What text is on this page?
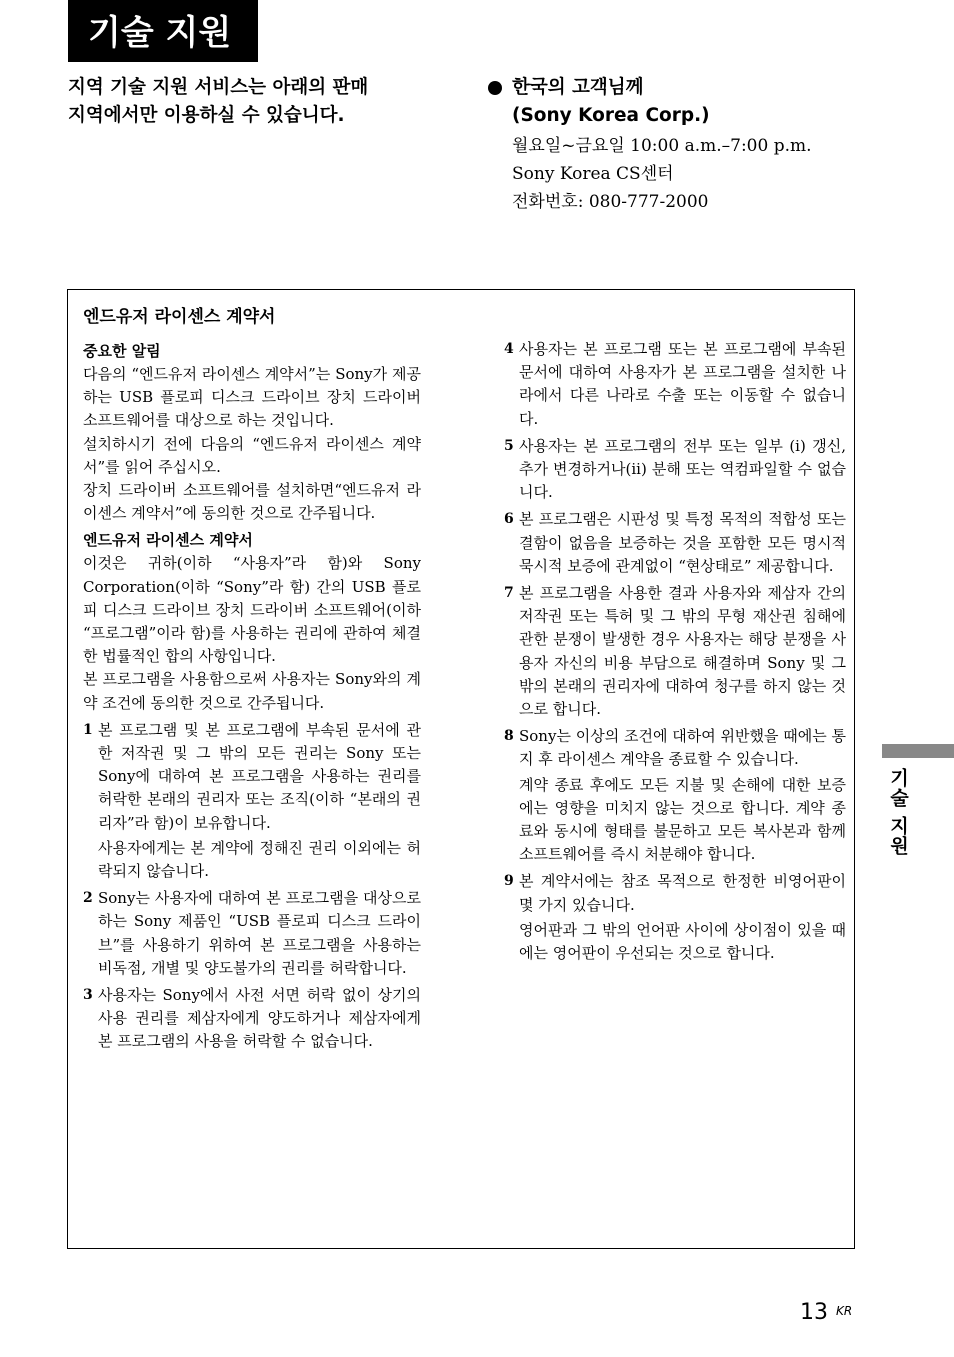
기술 지원
지역 기술 지원 서비스는 아래의 판매
지역에서만 이용하실 수 있습니다.
한국의 고객님께
(Sony Korea Corp.)
월요일~금요일 10:00 a.m.–7:00 p.m.
Sony Korea CS센터
전화번호: 080-777-2000
엔드유저 라이센스 계약서

중요한 알림

다음의 “엔드유저 라이센스 계약서”는 Sony가 제공하는 USB 플로피 디스크 드라이브 장치 드라이버 소프트웨어를 대상으로 하는 것입니다.

설치하시기 전에 다음의 “엔드유저 라이센스 계약서”를 읽어 주십시오.

장치 드라이버 소프트웨어를 설치하면“엔드유저 라이센스 계약서”에 동의한 것으로 간주됩니다.

엔드유저 라이센스 계약서

이것은 귀하(이하 “사용자”라 함)와 Sony Corporation(이하 “Sony”라 함) 간의 USB 플로피 디스크 드라이브 장치 드라이버 소프트웨어(이하 “프로그램”이라 함)를 사용하는 권리에 관하여 체결한 법률적인 합의 사항입니다.

본 프로그램을 사용함으로써 사용자는 Sony와의 계약 조건에 동의한 것으로 간주됩니다.

1 본 프로그램 및 본 프로그램에 부속된 문서에 관한 저작권 및 그 밖의 모든 권리는 Sony 또는 Sony에 대하여 본 프로그램을 사용하는 권리를 허락한 본래의 권리자 또는 조직(이하 “본래의 권리자”라 함)이 보유합니다.
사용자에게는 본 계약에 정해진 권리 이외에는 허락되지 않습니다.
2 Sony는 사용자에 대하여 본 프로그램을 대상으로 하는 Sony 제품인 “USB 플로피 디스크 드라이브”를 사용하기 위하여 본 프로그램을 사용하는 비독점, 개별 및 양도불가의 권리를 허락합니다.
3 사용자는 Sony에서 사전 서면 허락 없이 상기의 사용 권리를 제삼자에게 양도하거나 제삼자에게 본 프로그램의 사용을 허락할 수 없습니다.
4 사용자는 본 프로그램 또는 본 프로그램에 부속된 문서에 대하여 사용자가 본 프로그램을 설치한 나라에서 다른 나라로 수출 또는 이동할 수 없습니다.
5 사용자는 본 프로그램의 전부 또는 일부 (i) 갱신, 추가 변경하거나(ii) 분해 또는 역컴파일할 수 없습니다.
6 본 프로그램은 시판성 및 특정 목적의 적합성 또는 결함이 없음을 보증하는 것을 포함한 모든 명시적 묵시적 보증에 관계없이 “현상태로” 제공합니다.
7 본 프로그램을 사용한 결과 사용자와 제삼자 간의 저작권 또는 특허 및 그 밖의 무형 재산권 침해에 관한 분쟁이 발생한 경우 사용자는 해당 분쟁을 사용자 자신의 비용 부담으로 해결하며 Sony 및 그 밖의 본래의 권리자에 대하여 청구를 하지 않는 것으로 합니다.
8 Sony는 이상의 조건에 대하여 위반했을 때에는 통지 후 라이센스 계약을 종료할 수 있습니다.
계약 종료 후에도 모든 지불 및 손해에 대한 보증에는 영향을 미치지 않는 것으로 합니다. 계약 종료와 동시에 형태를 불문하고 모든 복사본과 함께 소프트웨어를 즉시 처분해야 합니다.
9 본 계약서에는 참조 목적으로 한정한 비영어판이 몇 가지 있습니다.
영어판과 그 밖의 언어판 사이에 상이점이 있을 때에는 영어판이 우선되는 것으로 합니다.
기술 지원
13 KR
